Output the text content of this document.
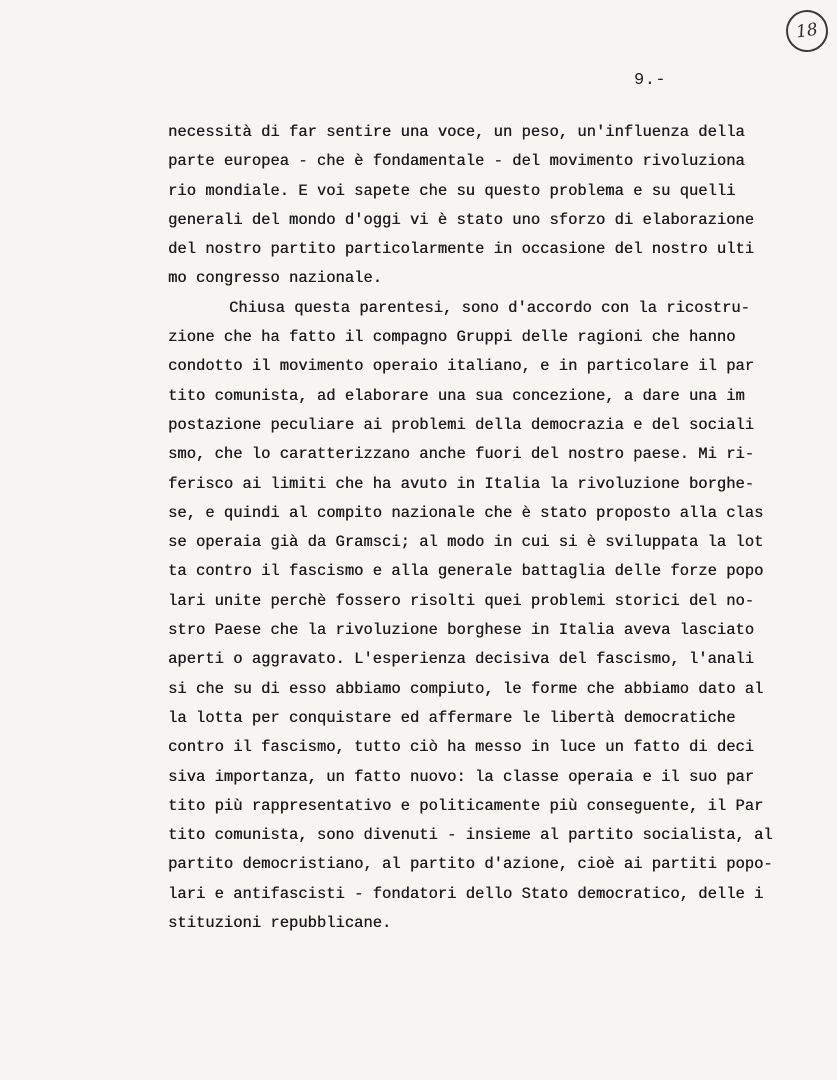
18
9.-
necessità di far sentire una voce, un peso, un'influenza della
parte europea - che è fondamentale - del movimento rivoluziona
rio mondiale. E voi sapete che su questo problema e su quelli
generali del mondo d'oggi vi è stato uno sforzo di elaborazione
del nostro partito particolarmente in occasione del nostro ulti
mo congresso nazionale.
Chiusa questa parentesi, sono d'accordo con la ricostru-
zione che ha fatto il compagno Gruppi delle ragioni che hanno
condotto il movimento operaio italiano, e in particolare il par
tito comunista, ad elaborare una sua concezione, a dare una im
postazione peculiare ai problemi della democrazia e del sociali
smo, che lo caratterizzano anche fuori del nostro paese. Mi ri-
ferisco ai limiti che ha avuto in Italia la rivoluzione borghe-
se, e quindi al compito nazionale che è stato proposto alla clas
se operaia già da Gramsci; al modo in cui si è sviluppata la lot
ta contro il fascismo e alla generale battaglia delle forze popo
lari unite perchè fossero risolti quei problemi storici del no-
stro Paese che la rivoluzione borghese in Italia aveva lasciato
aperti o aggravato. L'esperienza decisiva del fascismo, l'anali
si che su di esso abbiamo compiuto, le forme che abbiamo dato al
la lotta per conquistare ed affermare le libertà democratiche
contro il fascismo, tutto ciò ha messo in luce un fatto di deci
siva importanza, un fatto nuovo: la classe operaia e il suo par
tito più rappresentativo e politicamente più conseguente, il Par
tito comunista, sono divenuti - insieme al partito socialista, al
partito democristiano, al partito d'azione, cioè ai partiti popo-
lari e antifascisti - fondatori dello Stato democratico, delle i
stituzioni repubblicane.
